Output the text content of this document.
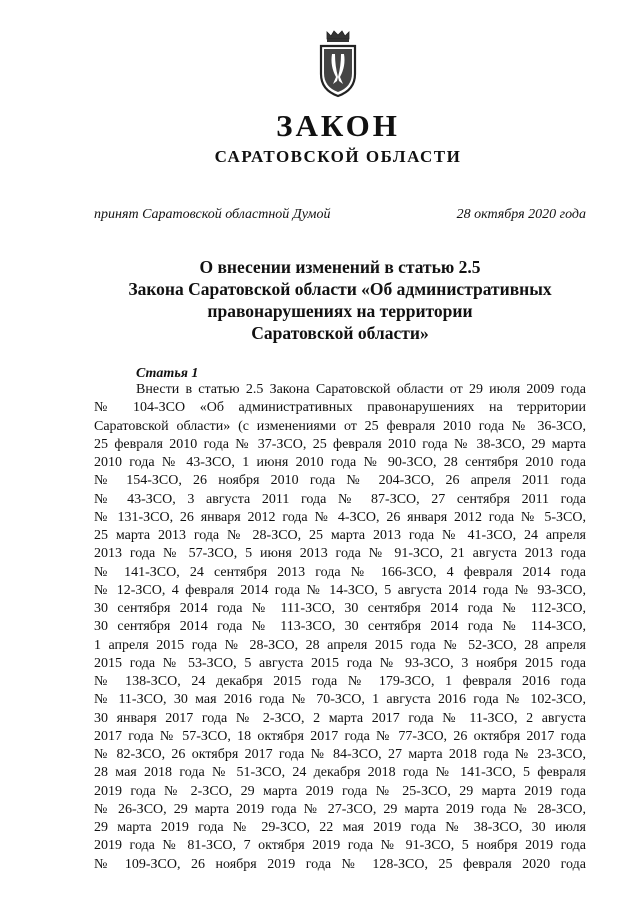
ЗАКОН
САРАТОВСКОЙ ОБЛАСТИ
принят Саратовской областной Думой	28 октября 2020 года
О внесении изменений в статью 2.5
Закона Саратовской области «Об административных
правонарушениях на территории
Саратовской области»
Статья 1
Внести в статью 2.5 Закона Саратовской области от 29 июля 2009 года
№ 104-ЗСО «Об административных правонарушениях на территории
Саратовской области» (с изменениями от 25 февраля 2010 года № 36-ЗСО,
25 февраля 2010 года № 37-ЗСО, 25 февраля 2010 года № 38-ЗСО, 29 марта
2010 года № 43-ЗСО, 1 июня 2010 года № 90-ЗСО, 28 сентября 2010 года
№ 154-ЗСО, 26 ноября 2010 года № 204-ЗСО, 26 апреля 2011 года
№ 43-ЗСО, 3 августа 2011 года № 87-ЗСО, 27 сентября 2011 года
№ 131-ЗСО, 26 января 2012 года № 4-ЗСО, 26 января 2012 года № 5-ЗСО,
25 марта 2013 года № 28-ЗСО, 25 марта 2013 года № 41-ЗСО, 24 апреля
2013 года № 57-ЗСО, 5 июня 2013 года № 91-ЗСО, 21 августа 2013 года
№ 141-ЗСО, 24 сентября 2013 года № 166-ЗСО, 4 февраля 2014 года
№ 12-ЗСО, 4 февраля 2014 года № 14-ЗСО, 5 августа 2014 года № 93-ЗСО,
30 сентября 2014 года № 111-ЗСО, 30 сентября 2014 года № 112-ЗСО,
30 сентября 2014 года № 113-ЗСО, 30 сентября 2014 года № 114-ЗСО,
1 апреля 2015 года № 28-ЗСО, 28 апреля 2015 года № 52-ЗСО, 28 апреля
2015 года № 53-ЗСО, 5 августа 2015 года № 93-ЗСО, 3 ноября 2015 года
№ 138-ЗСО, 24 декабря 2015 года № 179-ЗСО, 1 февраля 2016 года
№ 11-ЗСО, 30 мая 2016 года № 70-ЗСО, 1 августа 2016 года № 102-ЗСО,
30 января 2017 года № 2-ЗСО, 2 марта 2017 года № 11-ЗСО, 2 августа
2017 года № 57-ЗСО, 18 октября 2017 года № 77-ЗСО, 26 октября 2017 года
№ 82-ЗСО, 26 октября 2017 года № 84-ЗСО, 27 марта 2018 года № 23-ЗСО,
28 мая 2018 года № 51-ЗСО, 24 декабря 2018 года № 141-ЗСО, 5 февраля
2019 года № 2-ЗСО, 29 марта 2019 года № 25-ЗСО, 29 марта 2019 года
№ 26-ЗСО, 29 марта 2019 года № 27-ЗСО, 29 марта 2019 года № 28-ЗСО,
29 марта 2019 года № 29-ЗСО, 22 мая 2019 года № 38-ЗСО, 30 июля
2019 года № 81-ЗСО, 7 октября 2019 года № 91-ЗСО, 5 ноября 2019 года
№ 109-ЗСО, 26 ноября 2019 года № 128-ЗСО, 25 февраля 2020 года
